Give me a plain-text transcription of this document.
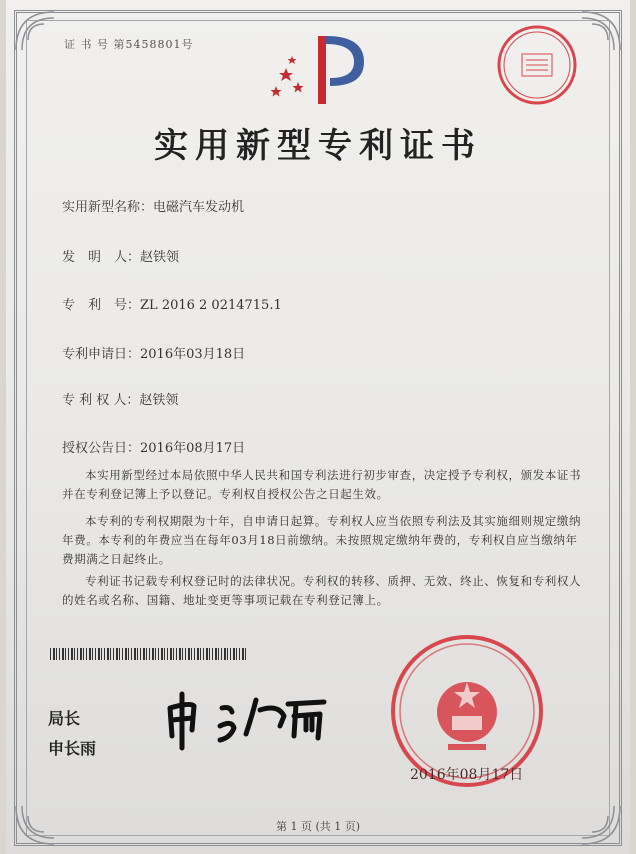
证 书 号 第5458801号
实用新型专利证书
实用新型名称：电磁汽车发动机
发　明　人：赵铁领
专　利　号：ZL 2016 2 0214715.1
专利申请日：2016年03月18日
专 利 权 人：赵铁领
授权公告日：2016年08月17日
本实用新型经过本局依照中华人民共和国专利法进行初步审查，决定授予专利权，颁发本证书并在专利登记簿上予以登记。专利权自授权公告之日起生效。
本专利的专利权期限为十年，自申请日起算。专利权人应当依照专利法及其实施细则规定缴纳年费。本专利的年费应当在每年03月18日前缴纳。未按照规定缴纳年费的，专利权自应当缴纳年费期满之日起终止。
专利证书记载专利权登记时的法律状况。专利权的转移、质押、无效、终止、恢复和专利权人的姓名或名称、国籍、地址变更等事项记载在专利登记簿上。
局长
申长雨
2016年08月17日
第 1 页 (共 1 页)
